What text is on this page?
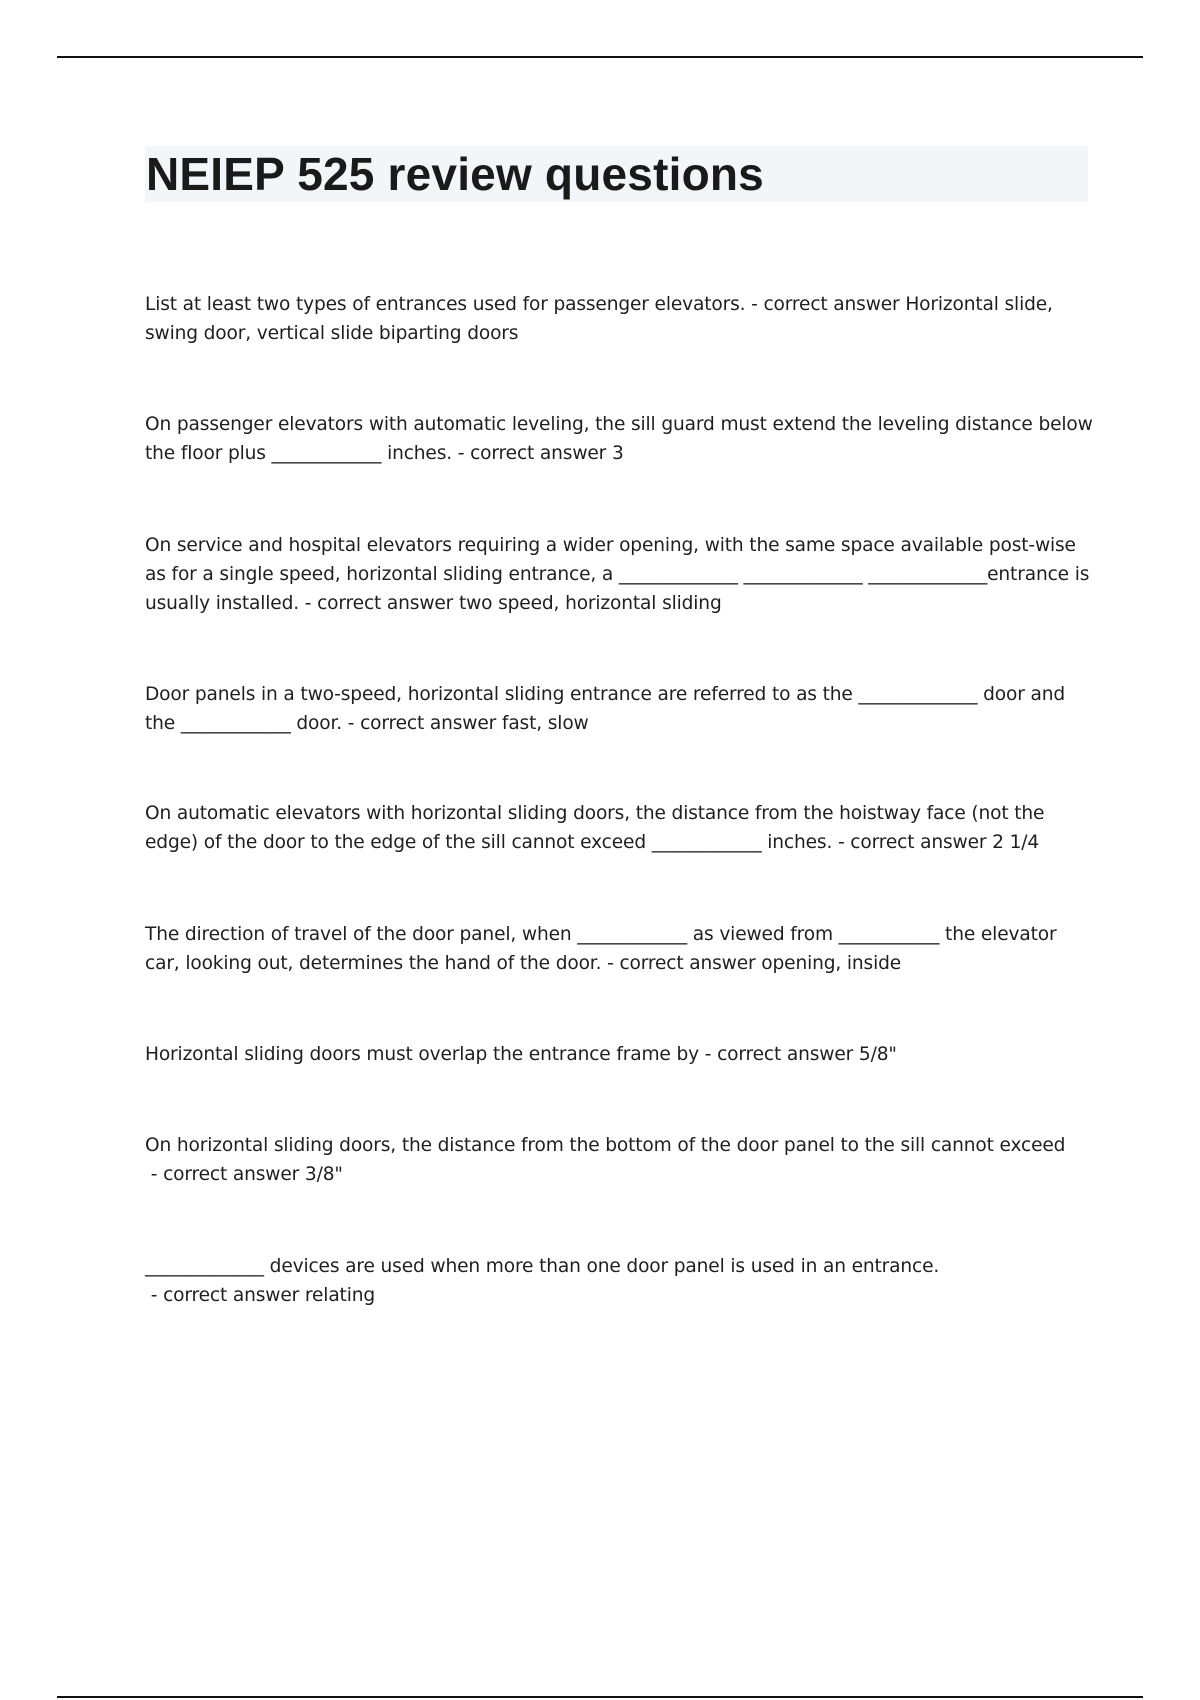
NEIEP 525 review questions
List at least two types of entrances used for passenger elevators. - correct answer Horizontal slide, swing door, vertical slide biparting doors
On passenger elevators with automatic leveling, the sill guard must extend the leveling distance below the floor plus ____________ inches. - correct answer 3
On service and hospital elevators requiring a wider opening, with the same space available post-wise as for a single speed, horizontal sliding entrance, a _____________ _____________ _____________entrance is usually installed. - correct answer two speed, horizontal sliding
Door panels in a two-speed, horizontal sliding entrance are referred to as the _____________ door and the ____________ door. - correct answer fast, slow
On automatic elevators with horizontal sliding doors, the distance from the hoistway face (not the edge) of the door to the edge of the sill cannot exceed ____________ inches. - correct answer 2 1/4
The direction of travel of the door panel, when ____________ as viewed from ___________ the elevator car, looking out, determines the hand of the door. - correct answer opening, inside
Horizontal sliding doors must overlap the entrance frame by - correct answer 5/8"
On horizontal sliding doors, the distance from the bottom of the door panel to the sill cannot exceed - correct answer 3/8"
_____________ devices are used when more than one door panel is used in an entrance. - correct answer relating
